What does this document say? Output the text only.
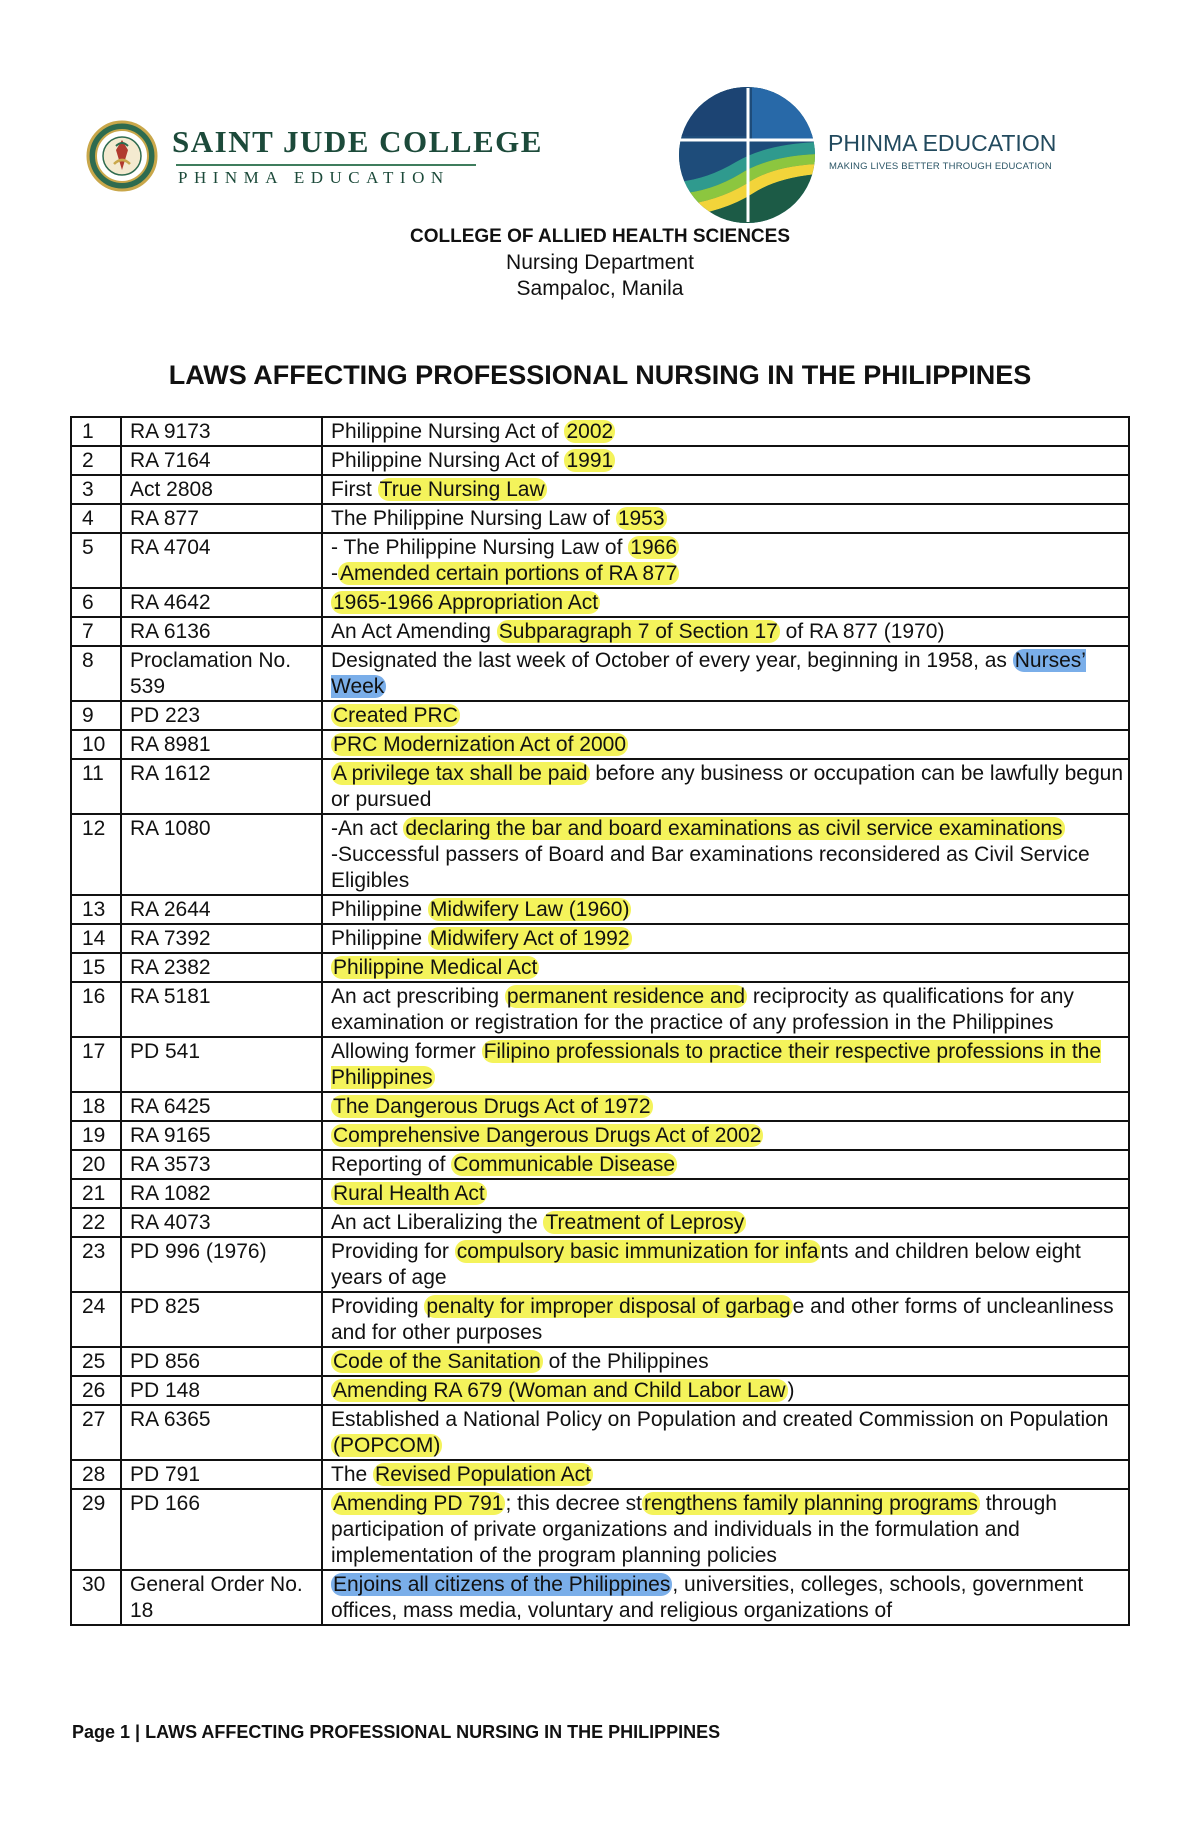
SAINT JUDE COLLEGE
PHINMA EDUCATION
PHINMA EDUCATION
MAKING LIVES BETTER THROUGH EDUCATION
COLLEGE OF ALLIED HEALTH SCIENCES
Nursing Department
Sampaloc, Manila
LAWS AFFECTING PROFESSIONAL NURSING IN THE PHILIPPINES
1	RA 9173	Philippine Nursing Act of 2002

2	RA 7164	Philippine Nursing Act of 1991

3	Act 2808	First True Nursing Law

4	RA 877	The Philippine Nursing Law of 1953

5	RA 4704	- The Philippine Nursing Law of 1966
-Amended certain portions of RA 877

6	RA 4642	1965-1966 Appropriation Act

7	RA 6136	An Act Amending Subparagraph 7 of Section 17 of RA 877 (1970)

8	Proclamation No. 539	Designated the last week of October of every year, beginning in 1958, as Nurses’ Week

9	PD 223	Created PRC

10	RA 8981	PRC Modernization Act of 2000

11	RA 1612	A privilege tax shall be paid before any business or occupation can be lawfully begun or pursued

12	RA 1080	-An act declaring the bar and board examinations as civil service examinations
-Successful passers of Board and Bar examinations reconsidered as Civil Service Eligibles

13	RA 2644	Philippine Midwifery Law (1960)

14	RA 7392	Philippine Midwifery Act of 1992

15	RA 2382	Philippine Medical Act

16	RA 5181	An act prescribing permanent residence and reciprocity as qualifications for any examination or registration for the practice of any profession in the Philippines

17	PD 541	Allowing former Filipino professionals to practice their respective professions in the Philippines

18	RA 6425	The Dangerous Drugs Act of 1972

19	RA 9165	Comprehensive Dangerous Drugs Act of 2002

20	RA 3573	Reporting of Communicable Disease

21	RA 1082	Rural Health Act

22	RA 4073	An act Liberalizing the Treatment of Leprosy

23	PD 996 (1976)	Providing for compulsory basic immunization for infants and children below eight years of age

24	PD 825	Providing penalty for improper disposal of garbage and other forms of uncleanliness and for other purposes

25	PD 856	Code of the Sanitation of the Philippines

26	PD 148	Amending RA 679 (Woman and Child Labor Law)

27	RA 6365	Established a National Policy on Population and created Commission on Population (POPCOM)

28	PD 791	The Revised Population Act

29	PD 166	Amending PD 791; this decree strengthens family planning programs through participation of private organizations and individuals in the formulation and implementation of the program planning policies

30	General Order No. 18	Enjoins all citizens of the Philippines, universities, colleges, schools, government offices, mass media, voluntary and religious organizations of
Page 1 | LAWS AFFECTING PROFESSIONAL NURSING IN THE PHILIPPINES
